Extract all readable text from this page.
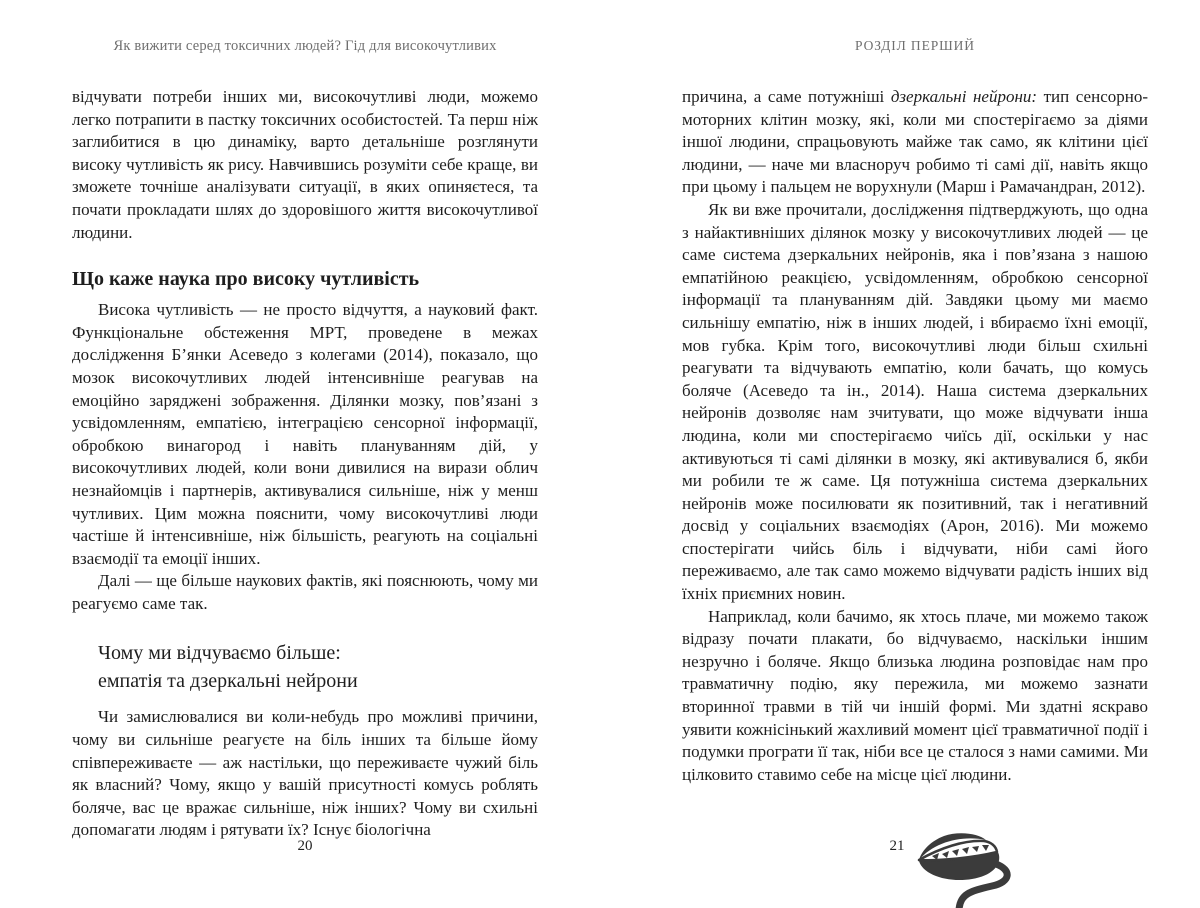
Як вижити серед токсичних людей? Гід для високочутливих

відчувати потреби інших ми, високочутливі люди, можемо легко потрапити в пастку токсичних особистостей. Та перш ніж заглибитися в цю динаміку, варто детальніше розглянути високу чутливість як рису. Навчившись розуміти себе краще, ви зможете точніше аналізувати ситуації, в яких опиняєтеся, та почати прокладати шлях до здоровішого життя високочутливої людини.

Що каже наука про високу чутливість

Висока чутливість — не просто відчуття, а науковий факт. Функціональне обстеження МРТ, проведене в межах дослідження Б’янки Асеведо з колегами (2014), показало, що мозок високочутливих людей інтенсивніше реагував на емоційно заряджені зображення. Ділянки мозку, пов’язані з усвідомленням, емпатією, інтеграцією сенсорної інформації, обробкою винагород і навіть плануванням дій, у високочутливих людей, коли вони дивилися на вирази облич незнайомців і партнерів, активувалися сильніше, ніж у менш чутливих. Цим можна пояснити, чому високочутливі люди частіше й інтенсивніше, ніж більшість, реагують на соціальні взаємодії та емоції інших.

Далі — ще більше наукових фактів, які пояснюють, чому ми реагуємо саме так.

Чому ми відчуваємо більше:
емпатія та дзеркальні нейрони

Чи замислювалися ви коли-небудь про можливі причини, чому ви сильніше реагуєте на біль інших та більше йому співпереживаєте — аж настільки, що переживаєте чужий біль як власний? Чому, якщо у вашій присутності комусь роблять боляче, вас це вражає сильніше, ніж інших? Чому ви схильні допомагати людям і рятувати їх? Існує біологічна

20
РОЗДІЛ ПЕРШИЙ

причина, а саме потужніші дзеркальні нейрони: тип сенсорно-моторних клітин мозку, які, коли ми спостерігаємо за діями іншої людини, спрацьовують майже так само, як клітини цієї людини, — наче ми власноруч робимо ті самі дії, навіть якщо при цьому і пальцем не ворухнули (Марш і Рамачандран, 2012).

Як ви вже прочитали, дослідження підтверджують, що одна з найактивніших ділянок мозку у високочутливих людей — це саме система дзеркальних нейронів, яка і пов’язана з нашою емпатійною реакцією, усвідомленням, обробкою сенсорної інформації та плануванням дій. Завдяки цьому ми маємо сильнішу емпатію, ніж в інших людей, і вбираємо їхні емоції, мов губка. Крім того, високочутливі люди більш схильні реагувати та відчувають емпатію, коли бачать, що комусь боляче (Асеведо та ін., 2014). Наша система дзеркальних нейронів дозволяє нам зчитувати, що може відчувати інша людина, коли ми спостерігаємо чиїсь дії, оскільки у нас активуються ті самі ділянки в мозку, які активувалися б, якби ми робили те ж саме. Ця потужніша система дзеркальних нейронів може посилювати як позитивний, так і негативний досвід у соціальних взаємодіях (Арон, 2016). Ми можемо спостерігати чийсь біль і відчувати, ніби самі його переживаємо, але так само можемо відчувати радість інших від їхніх приємних новин.

Наприклад, коли бачимо, як хтось плаче, ми можемо також відразу почати плакати, бо відчуваємо, наскільки іншим незручно і боляче. Якщо близька людина розповідає нам про травматичну подію, яку пережила, ми можемо зазнати вторинної травми в тій чи іншій формі. Ми здатні яскраво уявити кожнісінький жахливий момент цієї травматичної події і подумки програти її так, ніби все це сталося з нами самими. Ми цілковито ставимо себе на місце цієї людини.

21
